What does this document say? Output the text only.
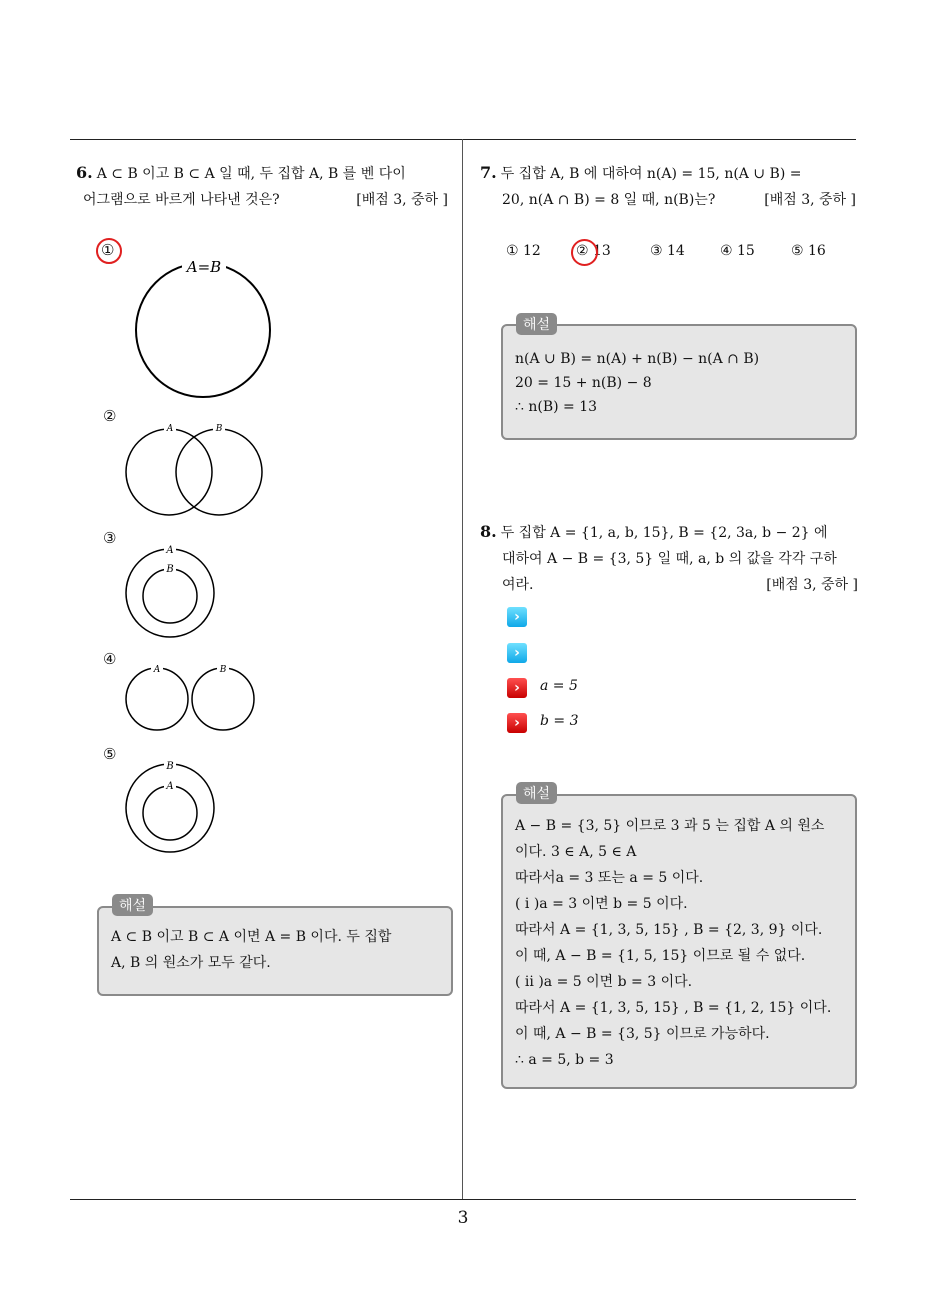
6. A ⊂ B 이고 B ⊂ A 일 때, 두 집합 A, B 를 벤 다이
어그램으로 바르게 나타낸 것은?	[배점 3, 중하 ]
①
A=B
②
A	B
③
A
B
④
A	B
⑤
B
A
A ⊂ B 이고 B ⊂ A 이면 A = B 이다. 두 집합
A, B 의 원소가 모두 같다.
해설
7. 두 집합 A, B 에 대하여 n(A) = 15, n(A ∪ B) =
20, n(A ∩ B) = 8 일 때, n(B)는?	[배점 3, 중하 ]
① 12	② 13	③ 14	④ 15	⑤ 16
n(A ∪ B) = n(A) + n(B) − n(A ∩ B)
20 = 15 + n(B) − 8
∴ n(B) = 13
해설
8. 두 집합 A = {1, a, b, 15}, B = {2, 3a, b − 2} 에
대하여 A − B = {3, 5} 일 때, a, b 의 값을 각각 구하
여라.	[배점 3, 중하 ]
›
›
›	a = 5
›	b = 3
A − B = {3, 5} 이므로 3 과 5 는 집합 A 의 원소
이다. 3 ∈ A, 5 ∈ A
따라서a = 3 또는 a = 5 이다.
( i )a = 3 이면 b = 5 이다.
따라서 A = {1, 3, 5, 15} , B = {2, 3, 9} 이다.
이 때, A − B = {1, 5, 15} 이므로 될 수 없다.
( ii )a = 5 이면 b = 3 이다.
따라서 A = {1, 3, 5, 15} , B = {1, 2, 15} 이다.
이 때, A − B = {3, 5} 이므로 가능하다.
∴ a = 5, b = 3
해설
3
